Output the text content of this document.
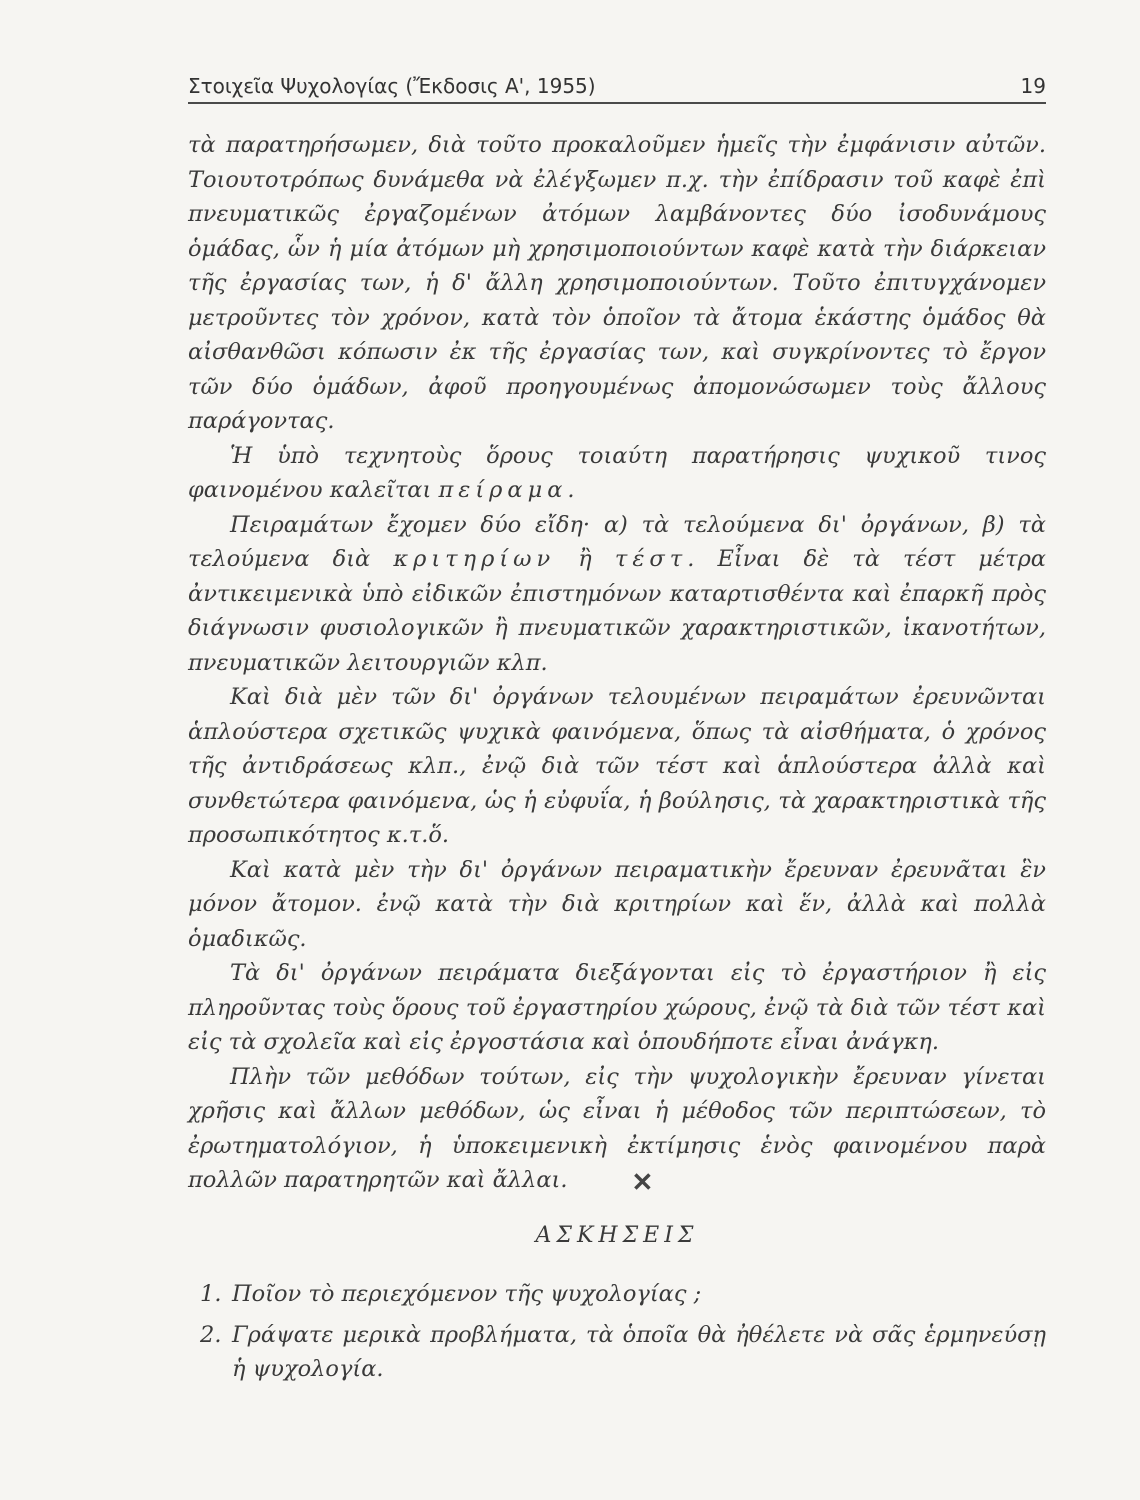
Στοιχεῖα Ψυχολογίας (Ἔκδοσις Α', 1955)	19

τὰ παρατηρήσωμεν, διὰ τοῦτο προκαλοῦμεν ἡμεῖς τὴν ἐμφάνισιν αὐτῶν. Τοιουτοτρόπως δυνάμεθα νὰ ἐλέγξωμεν π.χ. τὴν ἐπίδρασιν τοῦ καφὲ ἐπὶ πνευματικῶς ἐργαζομένων ἀτόμων λαμβάνοντες δύο ἰσοδυνάμους ὁμάδας, ὧν ἡ μία ἀτόμων μὴ χρησιμοποιούντων καφὲ κατὰ τὴν διάρκειαν τῆς ἐργασίας των, ἡ δ' ἄλλη χρησιμοποιούντων. Τοῦτο ἐπιτυγχάνομεν μετροῦντες τὸν χρόνον, κατὰ τὸν ὁποῖον τὰ ἄτομα ἑκάστης ὁμάδος θὰ αἰσθανθῶσι κόπωσιν ἐκ τῆς ἐργασίας των, καὶ συγκρίνοντες τὸ ἔργον τῶν δύο ὁμάδων, ἀφοῦ προηγουμένως ἀπομονώσωμεν τοὺς ἄλλους παράγοντας.

Ἡ ὑπὸ τεχνητοὺς ὅρους τοιαύτη παρατήρησις ψυχικοῦ τινος φαινομένου καλεῖται πείραμα.

Πειραμάτων ἔχομεν δύο εἴδη· α) τὰ τελούμενα δι' ὀργάνων, β) τὰ τελούμενα διὰ κριτηρίων ἢ τέστ. Εἶναι δὲ τὰ τέστ μέτρα ἀντικειμενικὰ ὑπὸ εἰδικῶν ἐπιστημόνων καταρτισθέντα καὶ ἐπαρκῆ πρὸς διάγνωσιν φυσιολογικῶν ἢ πνευματικῶν χαρακτηριστικῶν, ἱκανοτήτων, πνευματικῶν λειτουργιῶν κλπ.

Καὶ διὰ μὲν τῶν δι' ὀργάνων τελουμένων πειραμάτων ἐρευνῶνται ἁπλούστερα σχετικῶς ψυχικὰ φαινόμενα, ὅπως τὰ αἰσθήματα, ὁ χρόνος τῆς ἀντιδράσεως κλπ., ἐνῷ διὰ τῶν τέστ καὶ ἁπλούστερα ἀλλὰ καὶ συνθετώτερα φαινόμενα, ὡς ἡ εὐφυΐα, ἡ βούλησις, τὰ χαρακτηριστικὰ τῆς προσωπικότητος κ.τ.ὅ.

Καὶ κατὰ μὲν τὴν δι' ὀργάνων πειραματικὴν ἔρευναν ἐρευνᾶται ἓν μόνον ἄτομον. ἐνῷ κατὰ τὴν διὰ κριτηρίων καὶ ἕν, ἀλλὰ καὶ πολλὰ ὁμαδικῶς.

Τὰ δι' ὀργάνων πειράματα διεξάγονται εἰς τὸ ἐργαστήριον ἢ εἰς πληροῦντας τοὺς ὅρους τοῦ ἐργαστηρίου χώρους, ἐνῷ τὰ διὰ τῶν τέστ καὶ εἰς τὰ σχολεῖα καὶ εἰς ἐργοστάσια καὶ ὁπουδήποτε εἶναι ἀνάγκη.

Πλὴν τῶν μεθόδων τούτων, εἰς τὴν ψυχολογικὴν ἔρευναν γίνεται χρῆσις καὶ ἄλλων μεθόδων, ὡς εἶναι ἡ μέθοδος τῶν περιπτώσεων, τὸ ἐρωτηματολόγιον, ἡ ὑποκειμενικὴ ἐκτίμησις ἑνὸς φαινομένου παρὰ πολλῶν παρατηρητῶν καὶ ἄλλαι. ✕

ΑΣΚΗΣΕΙΣ
1. Ποῖον τὸ περιεχόμενον τῆς ψυχολογίας ;
2. Γράψατε μερικὰ προβλήματα, τὰ ὁποῖα θὰ ἠθέλετε νὰ σᾶς ἑρμηνεύσῃ ἡ ψυχολογία.
